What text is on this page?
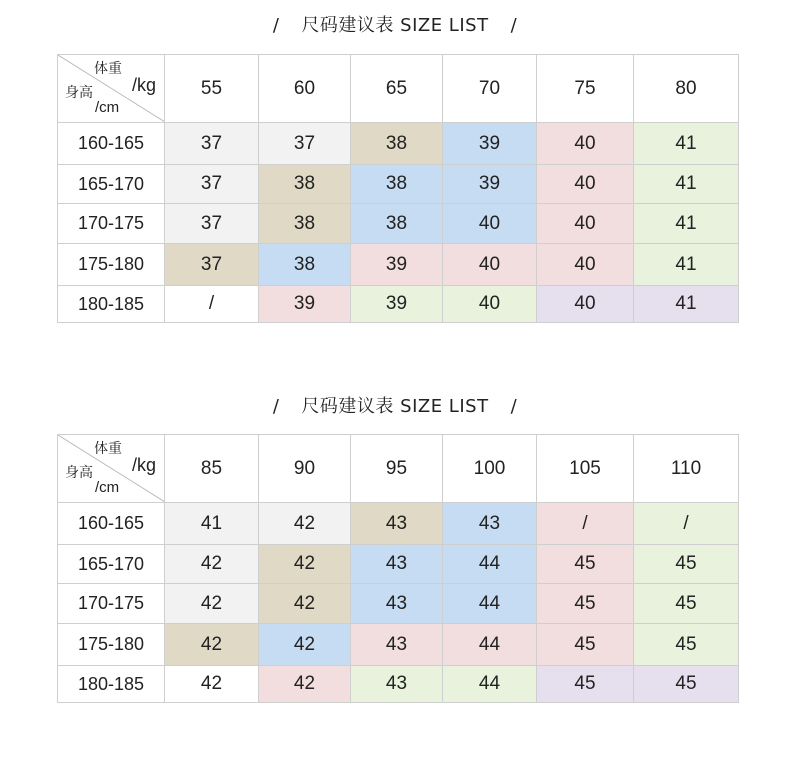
/ 尺码建议表 SIZE LIST /
体重
/kg
身高
/cm	55	60	65	70	75	80
160-165	37	37	38	39	40	41
165-170	37	38	38	39	40	41
170-175	37	38	38	40	40	41
175-180	37	38	39	40	40	41
180-185	/	39	39	40	40	41
/ 尺码建议表 SIZE LIST /
体重
/kg
身高
/cm	85	90	95	100	105	110
160-165	41	42	43	43	/	/
165-170	42	42	43	44	45	45
170-175	42	42	43	44	45	45
175-180	42	42	43	44	45	45
180-185	42	42	43	44	45	45
